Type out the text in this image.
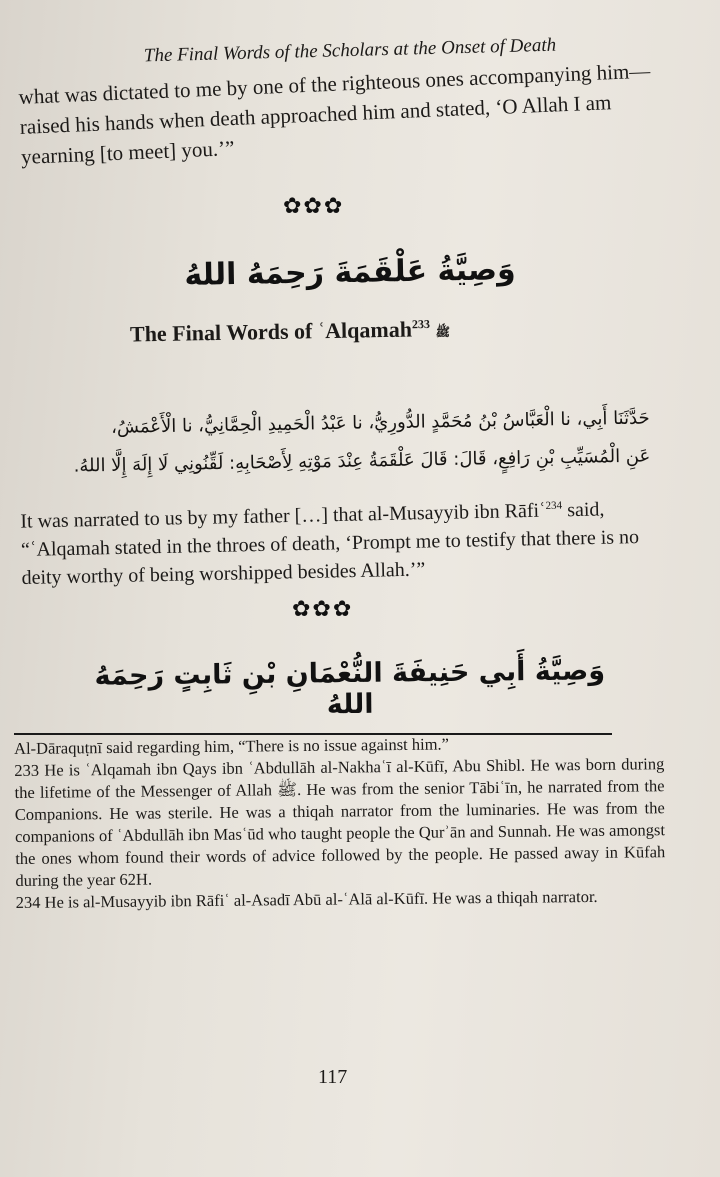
The Final Words of the Scholars at the Onset of Death
what was dictated to me by one of the righteous ones accompanying him—raised his hands when death approached him and stated, ‘O Allah I am yearning [to meet] you.’”
✿✿✿
وَصِيَّةُ عَلْقَمَةَ رَحِمَهُ اللهُ
The Final Words of ʿAlqamah$^{233}$ ﷺ
حَدَّثَنَا أَبِي، نا الْعَبَّاسُ بْنُ مُحَمَّدٍ الدُّورِيُّ، نا عَبْدُ الْحَمِيدِ الْحِمَّانِيُّ، نا الْأَعْمَشُ،
عَنِ الْمُسَيِّبِ بْنِ رَافِعٍ، قَالَ: قَالَ عَلْقَمَةُ عِنْدَ مَوْتِهِ لِأَصْحَابِهِ: لَقِّنُونِي لَا إِلَهَ إِلَّا اللهُ.
It was narrated to us by my father […] that al-Musayyib ibn Rāfiʿ$^{234}$ said, “ʿAlqamah stated in the throes of death, ‘Prompt me to testify that there is no deity worthy of being worshipped besides Allah.’”
✿✿✿
وَصِيَّةُ أَبِي حَنِيفَةَ النُّعْمَانِ بْنِ ثَابِتٍ رَحِمَهُ اللهُ

Al-Dāraquṭnī said regarding him, “There is no issue against him.”

233 He is ʿAlqamah ibn Qays ibn ʿAbdullāh al-Nakhaʿī al-Kūfī, Abu Shibl. He was born during the lifetime of the Messenger of Allah ﷺ. He was from the senior Tābiʿīn, he narrated from the Companions. He was sterile. He was a thiqah narrator from the luminaries. He was from the companions of ʿAbdullāh ibn Masʿūd who taught people the Qurʾān and Sunnah. He was amongst the ones whom found their words of advice followed by the people. He passed away in Kūfah during the year 62H.

234 He is al-Musayyib ibn Rāfiʿ al-Asadī Abū al-ʿAlā al-Kūfī. He was a thiqah narrator.

117
